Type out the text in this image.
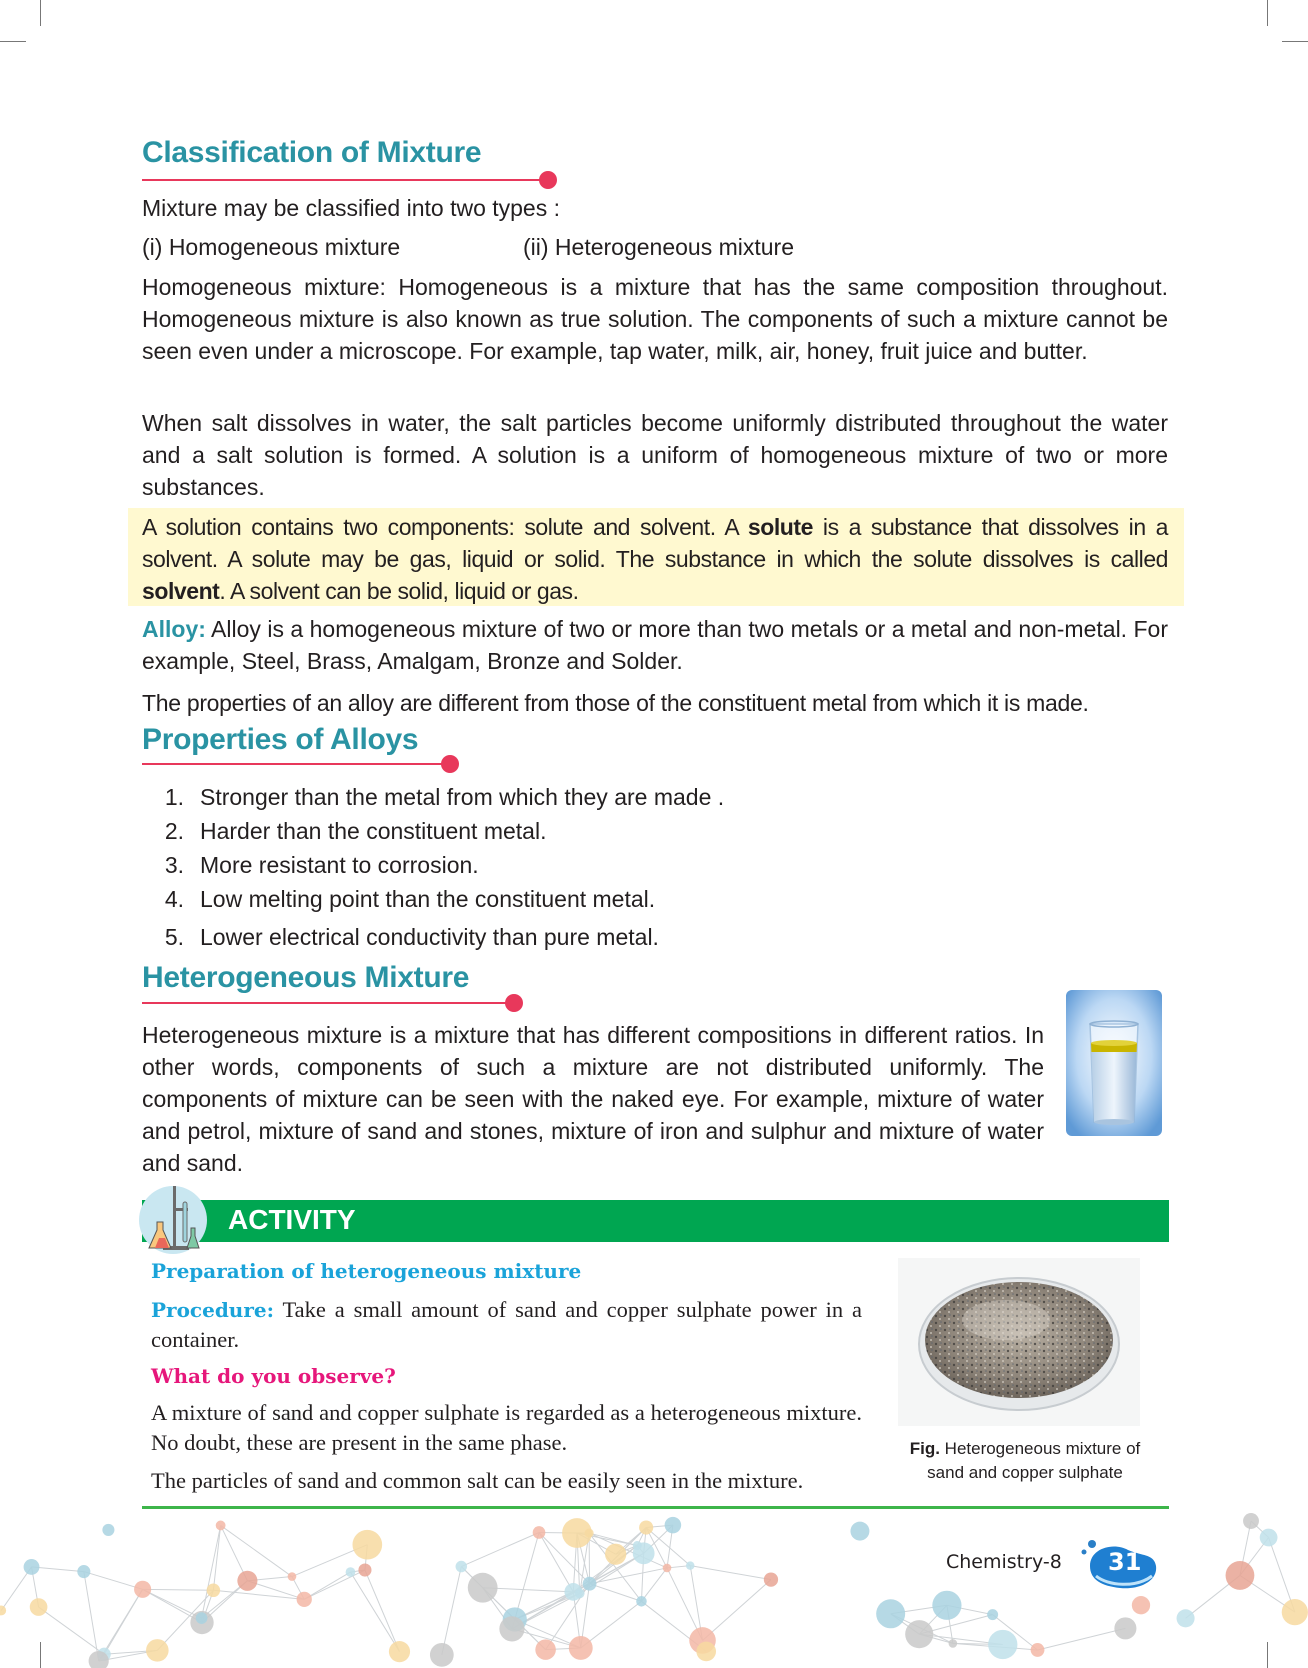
Classification of Mixture
Mixture may be classified into two types :
(i) Homogeneous mixture	(ii) Heterogeneous mixture
Homogeneous mixture: Homogeneous is a mixture that has the same composition throughout. Homogeneous mixture is also known as true solution. The components of such a mixture cannot be seen even under a microscope. For example, tap water, milk, air, honey, fruit juice and butter.
When salt dissolves in water, the salt particles become uniformly distributed throughout the water and a salt solution is formed. A solution is a uniform of homogeneous mixture of two or more substances.
A solution contains two components: solute and solvent. A solute is a substance that dissolves in a solvent. A solute may be gas, liquid or solid. The substance in which the solute dissolves is called solvent. A solvent can be solid, liquid or gas.
Alloy: Alloy is a homogeneous mixture of two or more than two metals or a metal and non-metal. For example, Steel, Brass, Amalgam, Bronze and Solder.
The properties of an alloy are different from those of the constituent metal from which it is made.
Properties of Alloys
1. Stronger than the metal from which they are made .
2. Harder than the constituent metal.
3. More resistant to corrosion.
4. Low melting point than the constituent metal.
5. Lower electrical conductivity than pure metal.
Heterogeneous Mixture
Heterogeneous mixture is a mixture that has different compositions in different ratios. In other words, components of such a mixture are not distributed uniformly. The components of mixture can be seen with the naked eye. For example, mixture of water and petrol, mixture of sand and stones, mixture of iron and sulphur and mixture of water and sand.
ACTIVITY
Preparation of heterogeneous mixture
Procedure: Take a small amount of sand and copper sulphate power in a container.
What do you observe?
A mixture of sand and copper sulphate is regarded as a heterogeneous mixture. No doubt, these are present in the same phase.
The particles of sand and common salt can be easily seen in the mixture.
Fig. Heterogeneous mixture of sand and copper sulphate
Chemistry-8 31
